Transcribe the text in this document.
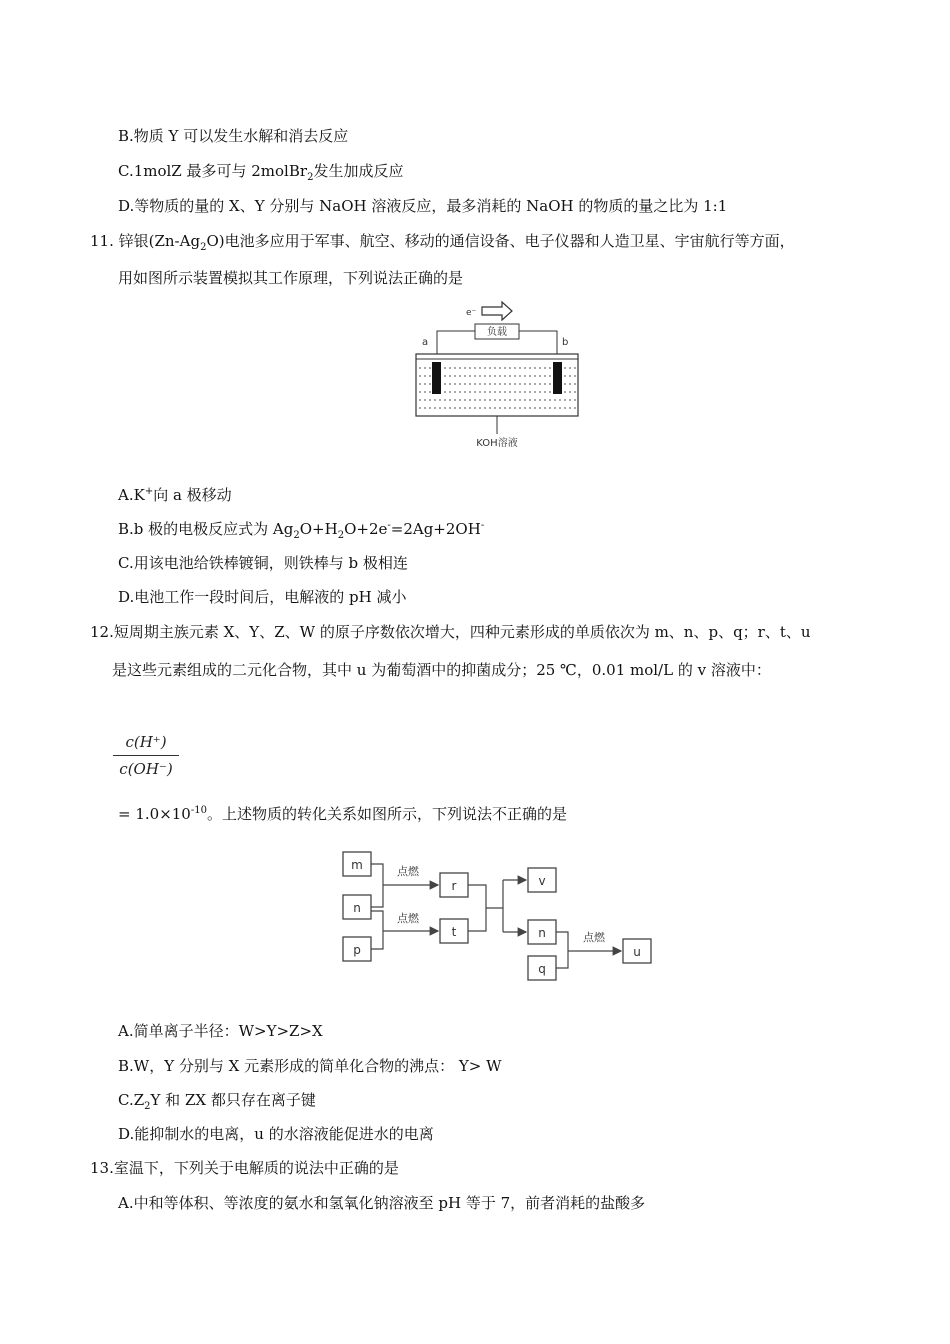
B.物质 Y 可以发生水解和消去反应
C.1molZ 最多可与 2molBr$_2$发生加成反应
D.等物质的量的 X、Y 分别与 NaOH 溶液反应，最多消耗的 NaOH 的物质的量之比为 1:1
11. 锌银$(Zn-Ag_2O)$电池多应用于军事、航空、移动的通信设备、电子仪器和人造卫星、宇宙航行等方面，
用如图所示装置模拟其工作原理，下列说法正确的是
e⁻
负载
a	b
KOH溶液
A.K+向 a 极移动
B.b 极的电极反应式为 $Ag_2O+H_2O+2e^-=2Ag+2OH^-$
C.用该电池给铁棒镀铜，则铁棒与 b 极相连
D.电池工作一段时间后，电解液的 pH 减小
12.短周期主族元素 X、Y、Z、W 的原子序数依次增大，四种元素形成的单质依次为 m、n、p、q；r、t、u
是这些元素组成的二元化合物，其中 u 为葡萄酒中的抑菌成分；25 ℃，0.01 mol/L 的 v 溶液中：
c(H⁺)
c(OH⁻)
= $1.0\times 10^{-10}$。上述物质的转化关系如图所示，下列说法不正确的是
m
n
p
r
t
v
n
q
u
点燃
点燃
点燃
A.简单离子半径：W>Y>Z>X
B.W，Y 分别与 X 元素形成的简单化合物的沸点： Y> W
$C.Z_2Y$ 和 ZX 都只存在离子键
D.能抑制水的电离，u 的水溶液能促进水的电离
13.室温下，下列关于电解质的说法中正确的是
A.中和等体积、等浓度的氨水和氢氧化钠溶液至 pH 等于 7，前者消耗的盐酸多
